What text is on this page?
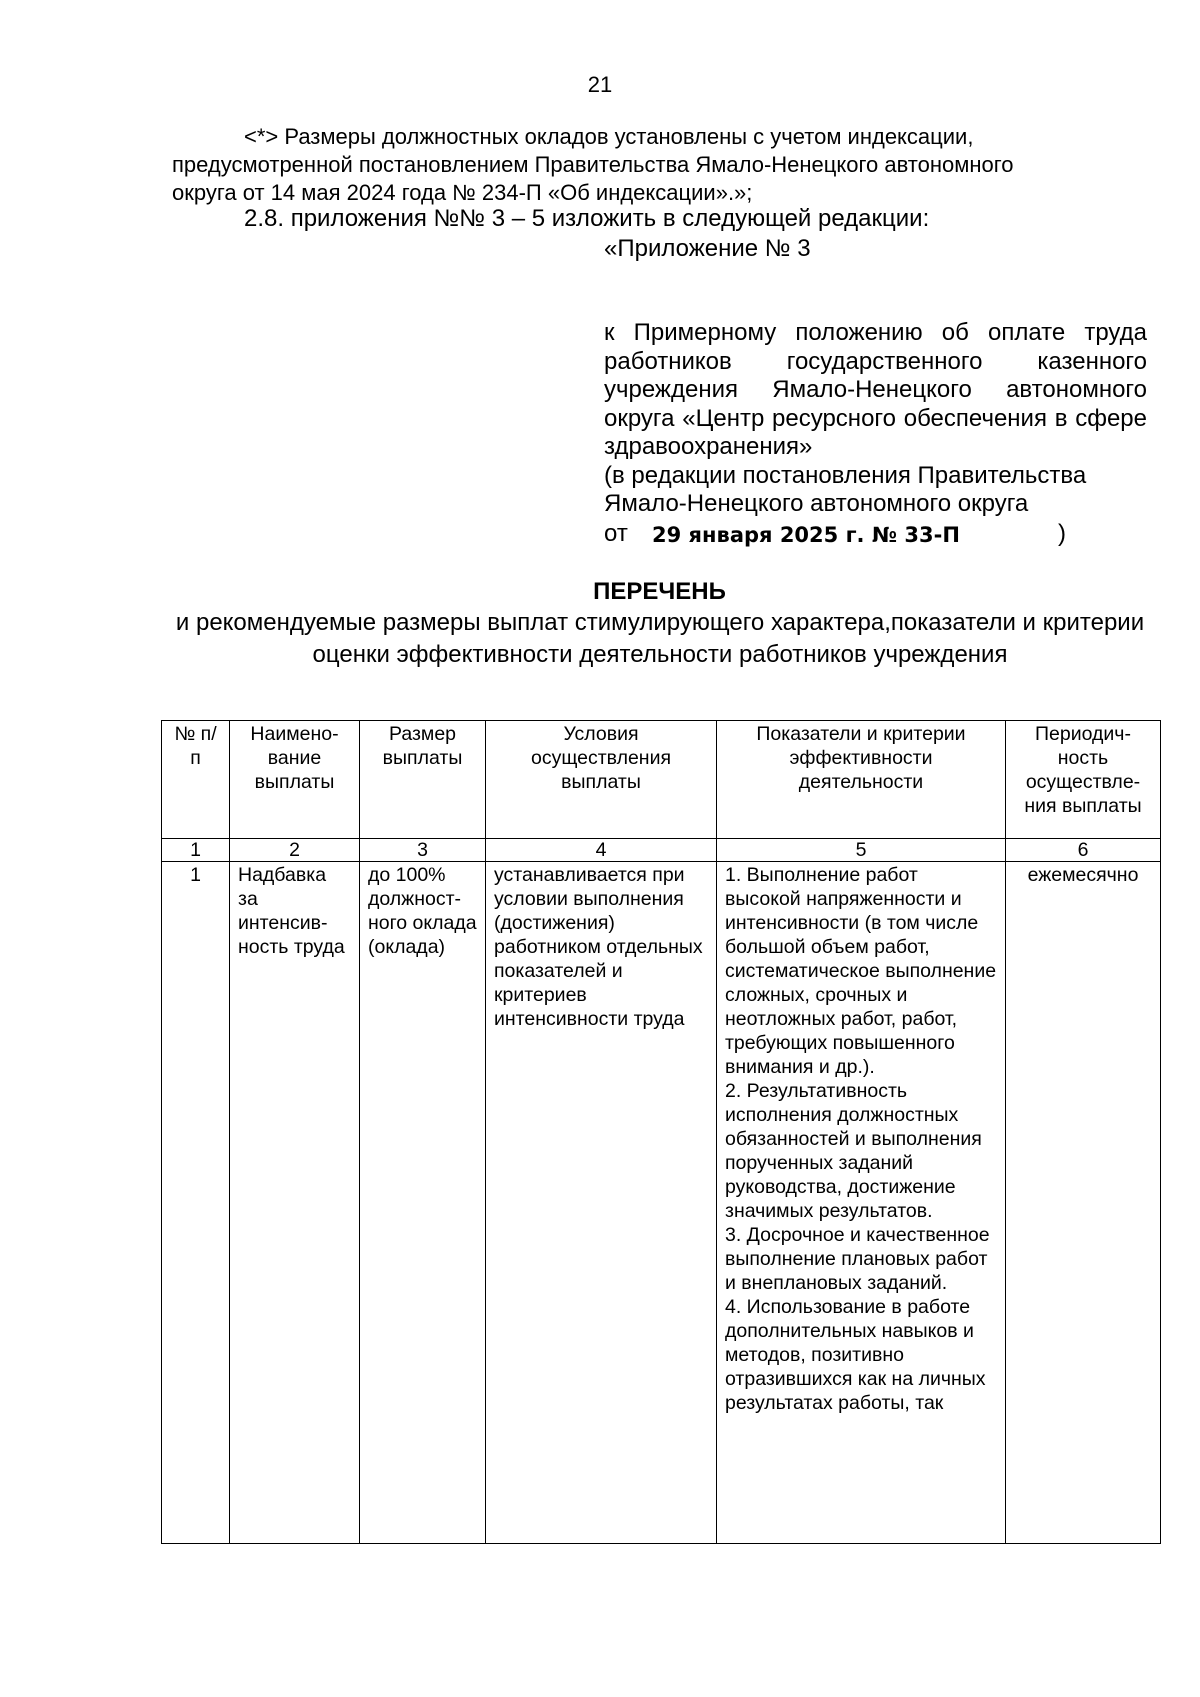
21
<*> Размеры должностных окладов установлены с учетом индексации,
предусмотренной постановлением Правительства Ямало-Ненецкого автономного
округа от 14 мая 2024 года № 234-П «Об индексации».»;
2.8. приложения №№ 3 – 5 изложить в следующей редакции:

«Приложение № 3

к Примерному положению об оплате труда работников государственного казенного учреждения Ямало-Ненецкого автономного округа «Центр ресурсного обеспечения в сфере здравоохранения»
(в редакции постановления Правительства
Ямало-Ненецкого автономного округа
от 29 января 2025 г. № 33-П	)
ПЕРЕЧЕНЬ
и рекомендуемые размеры выплат стимулирующего характера,показатели и критерии оценки эффективности деятельности работников учреждения
№ п/п	Наимено-вание выплаты	Размер выплаты	Условия осуществления выплаты	Показатели и критерии эффективности деятельности	Периодич-ность осуществле-ния выплаты
1	2	3	4	5	6
1	Надбавка за интенсив-ность труда	до 100% должност-ного оклада (оклада)	устанавливается при условии выполнения (достижения) работником отдельных показателей и критериев интенсивности труда	1. Выполнение работ высокой напряженности и интенсивности (в том числе большой объем работ, систематическое выполнение сложных, срочных и неотложных работ, работ, требующих повышенного внимания и др.).
2. Результативность исполнения должностных обязанностей и выполнения порученных заданий руководства, достижение значимых результатов.
3. Досрочное и качественное выполнение плановых работ и внеплановых заданий.
4. Использование в работе дополнительных навыков и методов, позитивно отразившихся как на личных результатах работы, так	ежемесячно
